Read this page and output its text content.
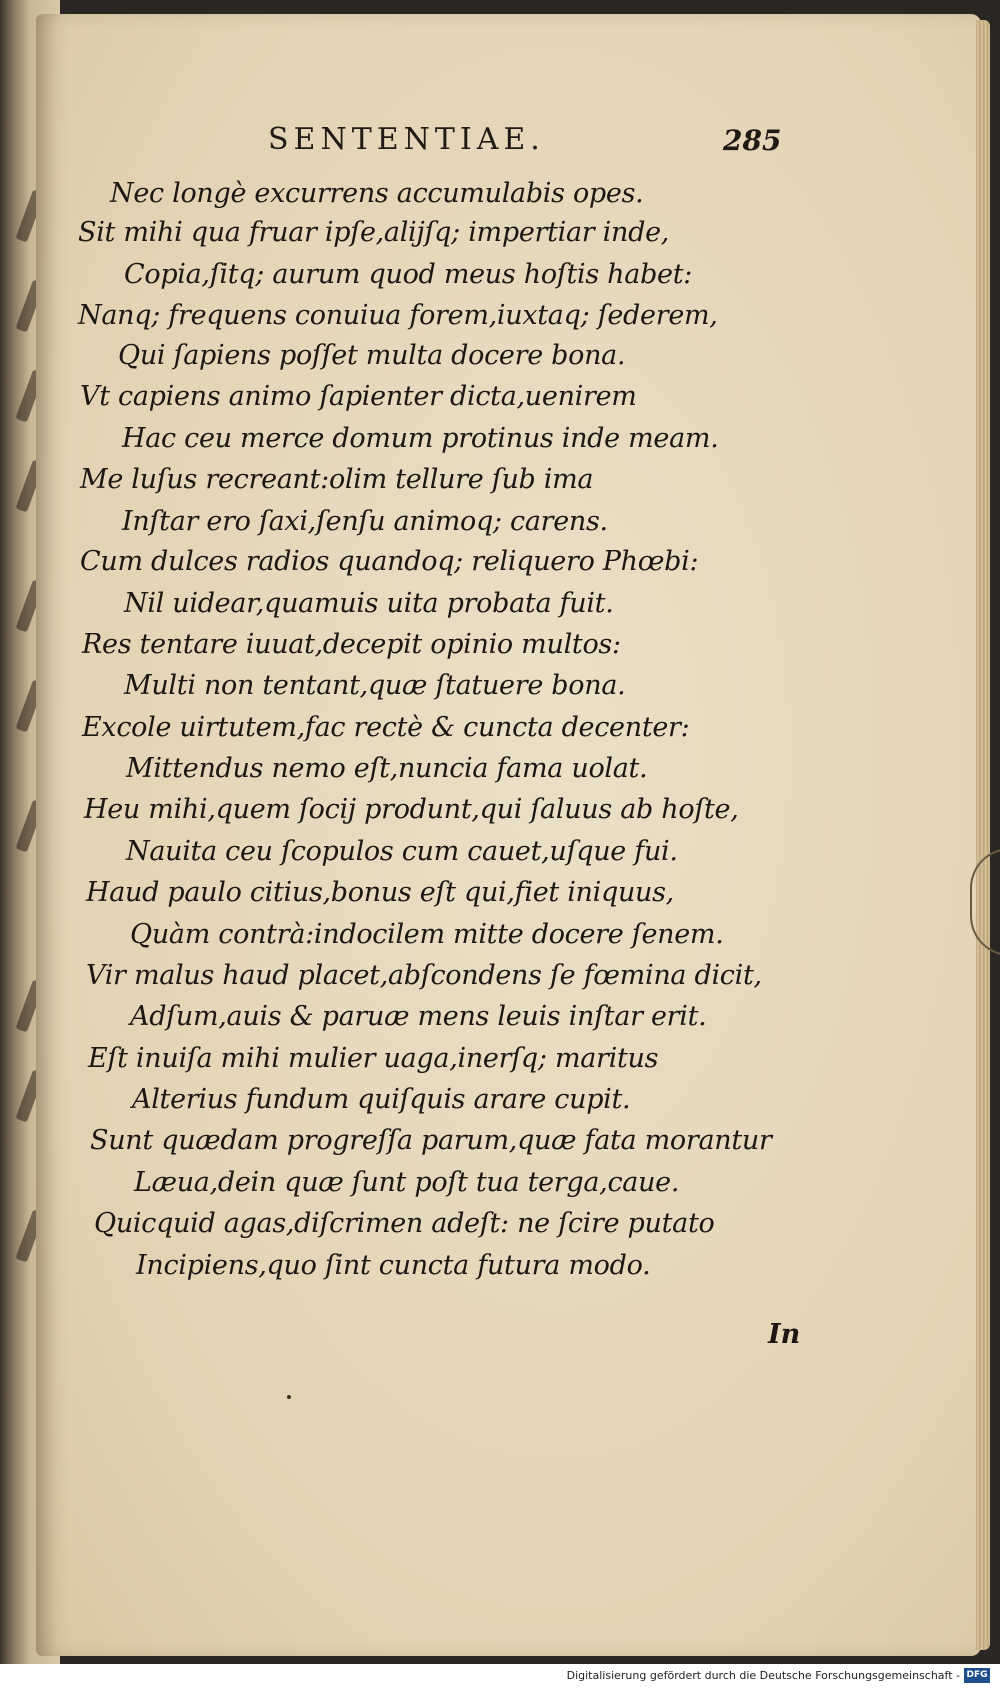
SENTENTIAE.	285
Nec longè excurrens accumulabis opes.
Sit mihi qua fruar ipſe,alijſq; impertiar inde,
Copia,ſitq; aurum quod meus hoſtis habet:
Nanq; frequens conuiua forem,iuxtaq; ſederem,
Qui ſapiens poſſet multa docere bona.
Vt capiens animo ſapienter dicta,uenirem
Hac ceu merce domum protinus inde meam.
Me luſus recreant:olim tellure ſub ima
Inſtar ero ſaxi,ſenſu animoq; carens.
Cum dulces radios quandoq; reliquero Phœbi:
Nil uidear,quamuis uita probata fuit.
Res tentare iuuat,decepit opinio multos:
Multi non tentant,quæ ſtatuere bona.
Excole uirtutem,fac rectè & cuncta decenter:
Mittendus nemo eſt,nuncia fama uolat.
Heu mihi,quem ſocij produnt,qui ſaluus ab hoſte,
Nauita ceu ſcopulos cum cauet,uſque fui.
Haud paulo citius,bonus eſt qui,fiet iniquus,
Quàm contrà:indocilem mitte docere ſenem.
Vir malus haud placet,abſcondens ſe fœmina dicit,
Adſum,auis & paruæ mens leuis inſtar erit.
Eſt inuiſa mihi mulier uaga,inerſq; maritus
Alterius fundum quiſquis arare cupit.
Sunt quædam progreſſa parum,quæ fata morantur
Læua,dein quæ ſunt poſt tua terga,caue.
Quicquid agas,diſcrimen adeſt: ne ſcire putato
Incipiens,quo ſint cuncta futura modo.
In
Digitalisierung gefördert durch die Deutsche Forschungsgemeinschaft - DFG
